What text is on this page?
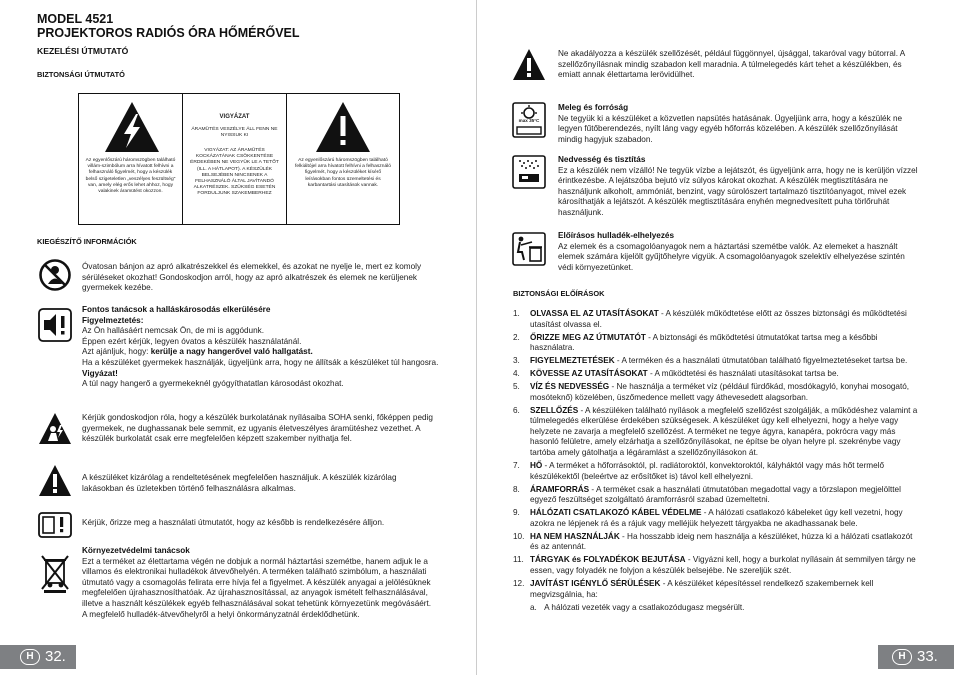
MODEL 4521
PROJEKTOROS RADIÓS ÓRA HŐMÉRŐVEL
KEZELÉSI ÚTMUTATÓ
BIZTONSÁGI ÚTMUTATÓ
Az egyenlőszárú háromszögben található villám-szimbólum arra hívatott felhívni a felhasználó figyelmét, hogy a készülék belső szigeteletlen „veszélyes feszültség” van, amely elég erős lehet ahhoz, hogy valakinek áramütést okozzon.
VIGYÁZAT
ÁRAMÜTÉS VESZÉLYE ÁLL FENN NE NYISSUK KI
VIGYÁZAT: AZ ÁRAMÜTÉS KOCKÁZATÁNAK CSÖKKENTÉSE ÉRDEKÉBEN NE VEGYÜK LE A TETŐT (ILL. A HÁTLAPOT). A KÉSZÜLÉK BELSEJÉBEN NINCSENEK A FELHASZNÁLÓ ÁLTAL JAVÍTANDÓ ALKATRÉSZEK. SZÜKSÉG ESETÉN FORDULJUNK SZAKEMBERHEZ
Az egyenlőszárú háromszögben található felkiáltójel arra hívatott felhívni a felhasználó figyelmét, hogy a készüléket kísérő leírásokban fontos üzemeltetési és karbantartási utasítások vannak.
KIEGÉSZÍTŐ INFORMÁCIÓK
Óvatosan bánjon az apró alkatrészekkel és elemekkel, és azokat ne nyelje le, mert ez komoly sérüléseket okozhat! Gondoskodjon arról, hogy az apró alkatrészek és elemek ne kerüljenek gyermekek kezébe.
Fontos tanácsok a halláskárosodás elkerülésére
Figyelmeztetés:
Az Ön hallásáért nemcsak Ön, de mi is aggódunk.
Éppen ezért kérjük, legyen óvatos a készülék használatánál.
Azt ajánljuk, hogy: kerülje a nagy hangerővel való hallgatást.
Ha a készüléket gyermekek használják, ügyeljünk arra, hogy ne állítsák a készüléket túl hangosra.
Vigyázat!
A túl nagy hangerő a gyermekeknél gyógyíthatatlan károsodást okozhat.
Kérjük gondoskodjon róla, hogy a készülék burkolatának nyílásaiba SOHA senki, főképpen pedig gyermekek, ne dughassanak bele semmit, ez ugyanis életveszélyes áramütéshez vezethet. A készülék burkolatát csak erre megfelelően képzett szakember nyithatja fel.
A készüléket kizárólag a rendeltetésének megfelelően használjuk. A készülék kizárólag lakásokban és üzletekben történő felhasználásra alkalmas.
Kérjük, őrizze meg a használati útmutatót, hogy az később is rendelkezésére álljon.
Környezetvédelmi tanácsok
Ezt a terméket az élettartama végén ne dobjuk a normál háztartási szemétbe, hanem adjuk le a villamos és elektronikai hulladékok átvevőhelyén. A terméken található szimbólum, a használati útmutató vagy a csomagolás felirata erre hívja fel a figyelmet. A készülék anyagai a jelölésüknek megfelelően újrahasznosíthatóak. Az újrahasznosítással, az anyagok ismételt felhasználásával, illetve a használt készülékek egyéb felhasználásával sokat tehetünk környezetünk megóvásáért. A megfelelő hulladék-átvevőhelyről a helyi önkormányzatnál érdeklődhetünk.
H 32.
Ne akadályozza a készülék szellőzését, például függönnyel, újsággal, takaróval vagy bútorral. A szellőzőnyílásnak mindig szabadon kell maradnia. A túlmelegedés kárt tehet a készülékben, és emiatt annak élettartama lerövidülhet.
max 35°C
Meleg és forróság
Ne tegyük ki a készüléket a közvetlen napsütés hatásának. Ügyeljünk arra, hogy a készülék ne legyen fűtőberendezés, nyílt láng vagy egyéb hőforrás közelében. A készülék szellőzőnyílását mindig hagyjuk szabadon.
Nedvesség és tisztítás
Ez a készülék nem vízálló! Ne tegyük vízbe a lejátszót, és ügyeljünk arra, hogy ne is kerüljön vízzel érintkezésbe. A lejátszóba bejutó víz súlyos károkat okozhat. A készülék megtisztítására ne használjunk alkoholt, ammóniát, benzint, vagy súrolószert tartalmazó tisztítóanyagot, mivel ezek károsíthatják a lejátszót. A készülék megtisztítására enyhén megnedvesített puha törlőruhát használjunk.
Előírásos hulladék-elhelyezés
Az elemek és a csomagolóanyagok nem a háztartási szemétbe valók. Az elemeket a használt elemek számára kijelölt gyűjtőhelyre vigyük. A csomagolóanyagok szelektív elhelyezése szintén védi környezetünket.
BIZTONSÁGI ELŐÍRÁSOK
1. OLVASSA EL AZ UTASÍTÁSOKAT - A készülék működtetése előtt az összes biztonsági és működtetési utasítást olvassa el.
2. ŐRIZZE MEG AZ ÚTMUTATÓT - A biztonsági és működtetési útmutatókat tartsa meg a későbbi használatra.
3. FIGYELMEZTETÉSEK - A terméken és a használati útmutatóban található figyelmeztetéseket tartsa be.
4. KÖVESSE AZ UTASÍTÁSOKAT - A működtetési és használati utasításokat tartsa be.
5. VÍZ ÉS NEDVESSÉG - Ne használja a terméket víz (például fürdőkád, mosdókagyló, konyhai mosogató, mosóteknő) közelében, üszőmedence mellett vagy áthevesedett alagsorban.
6. SZELLŐZÉS - A készüléken található nyílások a megfelelő szellőzést szolgálják, a működéshez valamint a túlmelegedés elkerülése érdekében szükségesek. A készüléket úgy kell elhelyezni, hogy a helye vagy helyzete ne zavarja a megfelelő szellőzést. A terméket ne tegye ágyra, kanapéra, pokrócra vagy más hasonló felületre, amely elzárhatja a szellőzőnyílásokat, ne építse be olyan helyre pl. szekrénybe vagy tartóba amely gátolhatja a légáramlást a szellőzőnyílásokon át.
7. HŐ - A terméket a hőforrásoktól, pl. radiátoroktól, konvektoroktól, kályháktól vagy más hőt termelő készülékektől (beleértve az erősítőket is) távol kell elhelyezni.
8. ÁRAMFORRÁS - A terméket csak a használati útmutatóban megadottal vagy a törzslapon megjelölttel egyező feszültséget szolgáltató áramforrásról szabad üzemeltetni.
9. HÁLÓZATI CSATLAKOZÓ KÁBEL VÉDELME - A hálózati csatlakozó kábeleket úgy kell vezetni, hogy azokra ne lépjenek rá és a rájuk vagy melléjük helyezett tárgyakba ne akadhassanak bele.
10. HA NEM HASZNÁLJÁK - Ha hosszabb ideig nem használja a készüléket, húzza ki a hálózati csatlakozót és az antennát.
11. TÁRGYAK és FOLYADÉKOK BEJUTÁSA - Vigyázni kell, hogy a burkolat nyílásain át semmilyen tárgy ne essen, vagy folyadék ne folyjon a készülék belsejébe. Ne szereljük szét.
12. JAVÍTÁST IGÉNYLŐ SÉRÜLÉSEK - A készüléket képesítéssel rendelkező szakembernek kell megvizsgálnia, ha:
a. A hálózati vezeték vagy a csatlakozódugasz megsérült.
H 33.
